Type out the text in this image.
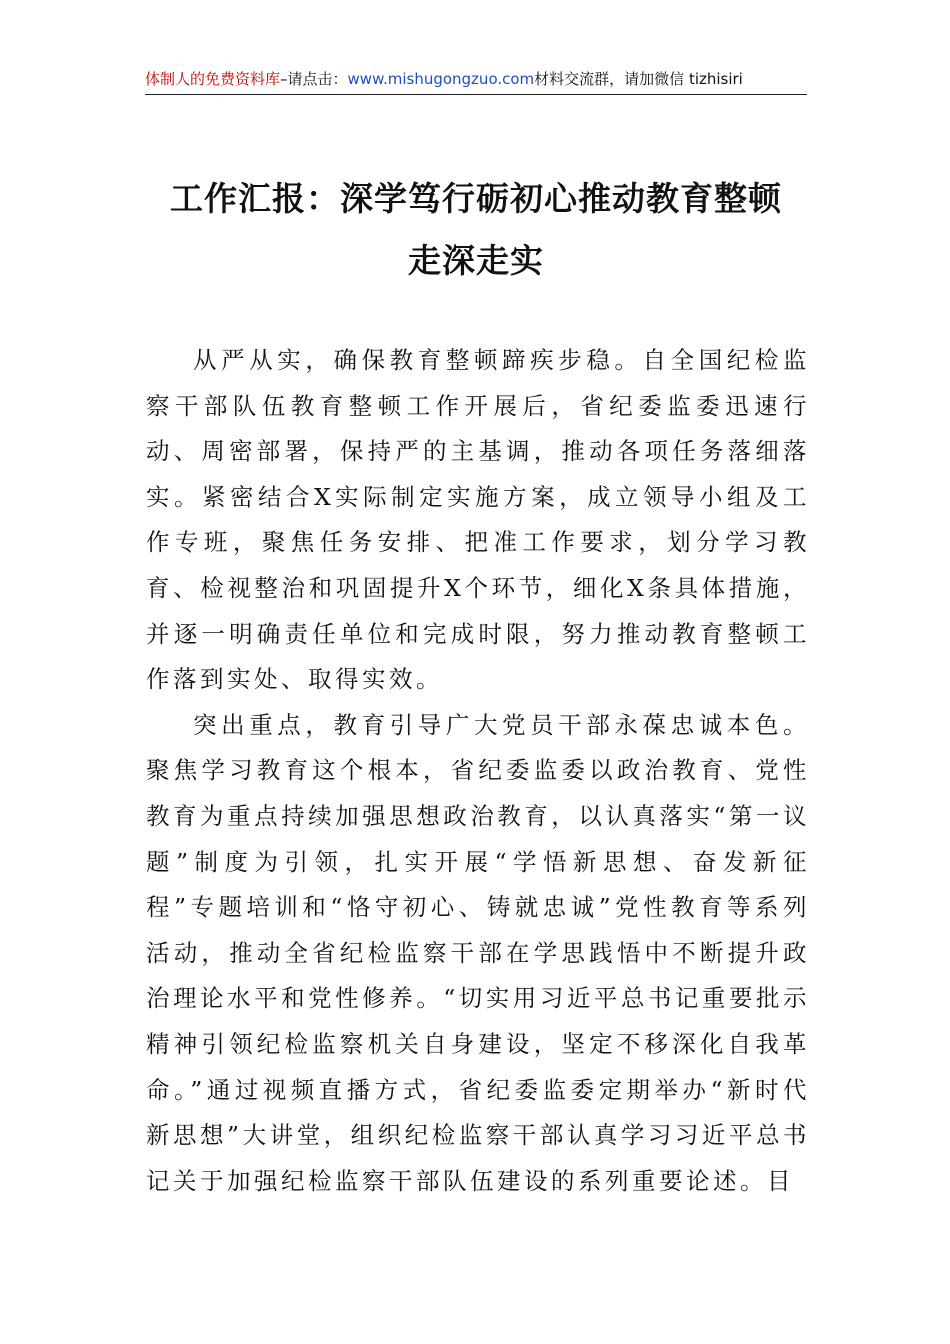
体制人的免费资料库–请点击：www.mishugongzuo.com材料交流群，请加微信 tizhisiri
工作汇报：深学笃行砺初心推动教育整顿
走深走实

从严从实，确保教育整顿蹄疾步稳。自全国纪检监察干部队伍教育整顿工作开展后，省纪委监委迅速行动、周密部署，保持严的主基调，推动各项任务落细落实。紧密结合X实际制定实施方案，成立领导小组及工作专班，聚焦任务安排、把准工作要求，划分学习教育、检视整治和巩固提升X个环节，细化X条具体措施，并逐一明确责任单位和完成时限，努力推动教育整顿工作落到实处、取得实效。

突出重点，教育引导广大党员干部永葆忠诚本色。聚焦学习教育这个根本，省纪委监委以政治教育、党性教育为重点持续加强思想政治教育，以认真落实“第一议题”制度为引领，扎实开展“学悟新思想、奋发新征程”专题培训和“恪守初心、铸就忠诚”党性教育等系列活动，推动全省纪检监察干部在学思践悟中不断提升政治理论水平和党性修养。“切实用习近平总书记重要批示精神引领纪检监察机关自身建设，坚定不移深化自我革命。”通过视频直播方式，省纪委监委定期举办“新时代新思想”大讲堂，组织纪检监察干部认真学习习近平总书记关于加强纪检监察干部队伍建设的系列重要论述。目
